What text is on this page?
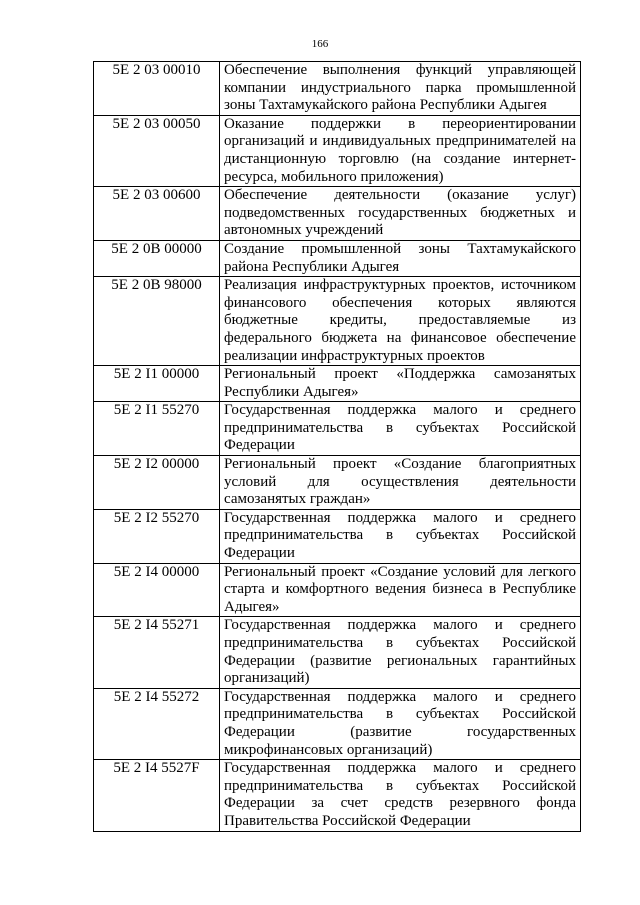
166
5Е 2 03 00010	Обеспечение выполнения функций управляющей компании индустриального парка промышленной зоны Тахтамукайского района Республики Адыгея
5Е 2 03 00050	Оказание поддержки в переориентировании организаций и индивидуальных предпринимателей на дистанционную торговлю (на создание интернет-ресурса, мобильного приложения)
5Е 2 03 00600	Обеспечение деятельности (оказание услуг) подведомственных государственных бюджетных и автономных учреждений
5Е 2 0В 00000	Создание промышленной зоны Тахтамукайского района Республики Адыгея
5Е 2 0В 98000	Реализация инфраструктурных проектов, источником финансового обеспечения которых являются бюджетные кредиты, предоставляемые из федерального бюджета на финансовое обеспечение реализации инфраструктурных проектов
5Е 2 I1 00000	Региональный проект «Поддержка самозанятых Республики Адыгея»
5Е 2 I1 55270	Государственная поддержка малого и среднего предпринимательства в субъектах Российской Федерации
5Е 2 I2 00000	Региональный проект «Создание благоприятных условий для осуществления деятельности самозанятых граждан»
5Е 2 I2 55270	Государственная поддержка малого и среднего предпринимательства в субъектах Российской Федерации
5Е 2 I4 00000	Региональный проект «Создание условий для легкого старта и комфортного ведения бизнеса в Республике Адыгея»
5Е 2 I4 55271	Государственная поддержка малого и среднего предпринимательства в субъектах Российской Федерации (развитие региональных гарантийных организаций)
5Е 2 I4 55272	Государственная поддержка малого и среднего предпринимательства в субъектах Российской Федерации (развитие государственных микрофинансовых организаций)
5Е 2 I4 5527F	Государственная поддержка малого и среднего предпринимательства в субъектах Российской Федерации за счет средств резервного фонда Правительства Российской Федерации
